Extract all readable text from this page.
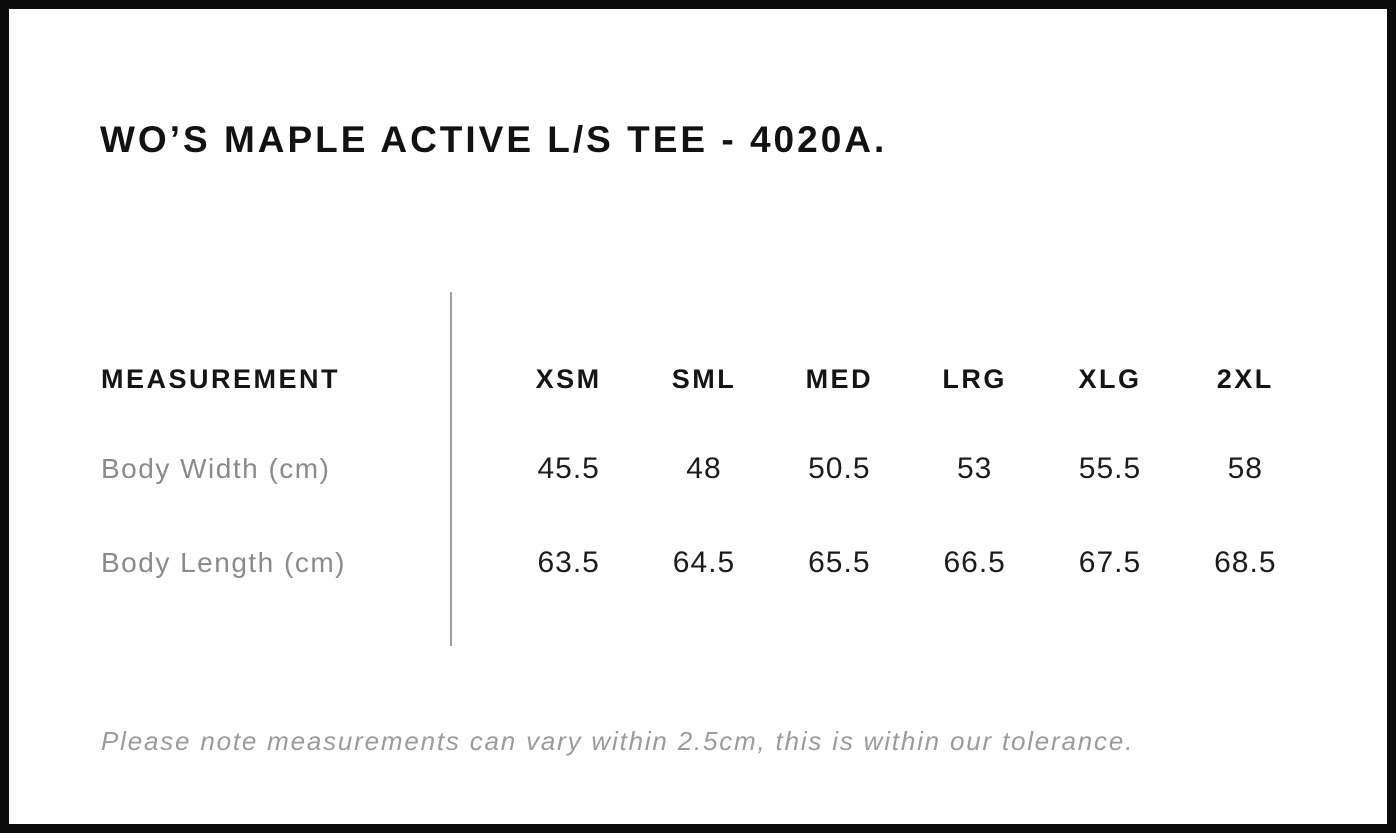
WO’S MAPLE ACTIVE L/S TEE - 4020A.
MEASUREMENT	XSM	SML	MED	LRG	XLG	2XL
Body Width (cm)	45.5	48	50.5	53	55.5	58
Body Length (cm)	63.5	64.5	65.5	66.5	67.5	68.5

Please note measurements can vary within 2.5cm, this is within our tolerance.
